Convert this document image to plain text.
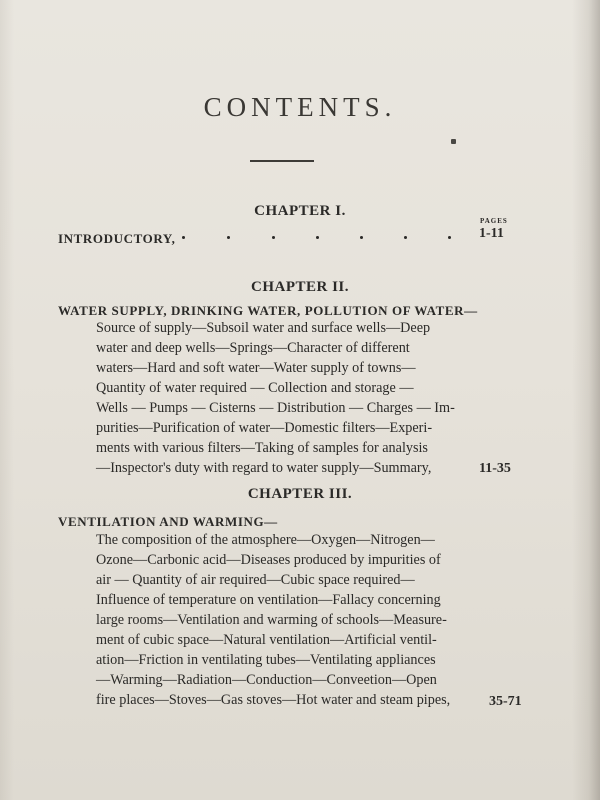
CONTENTS.
CHAPTER I.
PAGES
INTRODUCTORY,	1-11
CHAPTER II.
WATER SUPPLY, DRINKING WATER, POLLUTION OF WATER—
Source of supply—Subsoil water and surface wells—Deep
water and deep wells—Springs—Character of different
waters—Hard and soft water—Water supply of towns—
Quantity of water required — Collection and storage —
Wells — Pumps — Cisterns — Distribution — Charges — Im-
purities—Purification of water—Domestic filters—Experi-
ments with various filters—Taking of samples for analysis
—Inspector's duty with regard to water supply—Summary,	11-35
CHAPTER III.
VENTILATION AND WARMING—
The composition of the atmosphere—Oxygen—Nitrogen—
Ozone—Carbonic acid—Diseases produced by impurities of
air — Quantity of air required—Cubic space required—
Influence of temperature on ventilation—Fallacy concerning
large rooms—Ventilation and warming of schools—Measure-
ment of cubic space—Natural ventilation—Artificial ventil-
ation—Friction in ventilating tubes—Ventilating appliances
—Warming—Radiation—Conduction—Conveetion—Open
fire places—Stoves—Gas stoves—Hot water and steam pipes,	35-71
